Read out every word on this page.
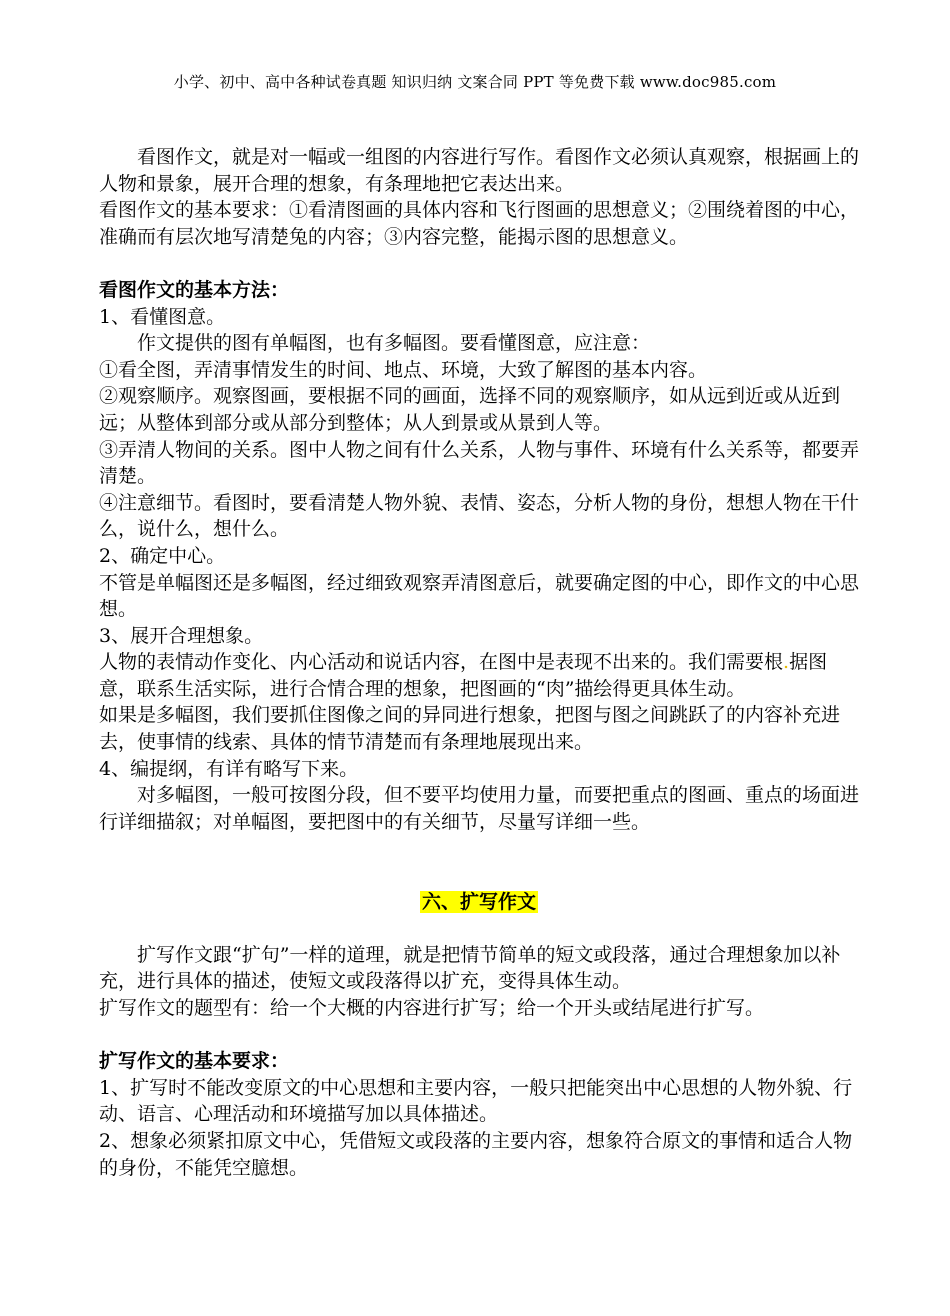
小学、初中、高中各种试卷真题 知识归纳 文案合同 PPT 等免费下载 www.doc985.com

看图作文，就是对一幅或一组图的内容进行写作。看图作文必须认真观察，根据画上的人物和景象，展开合理的想象，有条理地把它表达出来。

看图作文的基本要求：①看清图画的具体内容和飞行图画的思想意义；②围绕着图的中心，准确而有层次地写清楚兔的内容；③内容完整，能揭示图的思想意义。

看图作文的基本方法：

1、看懂图意。

作文提供的图有单幅图，也有多幅图。要看懂图意，应注意：

①看全图，弄清事情发生的时间、地点、环境，大致了解图的基本内容。

②观察顺序。观察图画，要根据不同的画面，选择不同的观察顺序，如从远到近或从近到远；从整体到部分或从部分到整体；从人到景或从景到人等。

③弄清人物间的关系。图中人物之间有什么关系，人物与事件、环境有什么关系等，都要弄清楚。

④注意细节。看图时，要看清楚人物外貌、表情、姿态，分析人物的身份，想想人物在干什么，说什么，想什么。

2、确定中心。

不管是单幅图还是多幅图，经过细致观察弄清图意后，就要确定图的中心，即作文的中心思想。

3、展开合理想象。

人物的表情动作变化、内心活动和说话内容，在图中是表现不出来的。我们需要根.据图意，联系生活实际，进行合情合理的想象，把图画的“肉”描绘得更具体生动。

如果是多幅图，我们要抓住图像之间的异同进行想象，把图与图之间跳跃了的内容补充进去，使事情的线索、具体的情节清楚而有条理地展现出来。

4、编提纲，有详有略写下来。

对多幅图，一般可按图分段，但不要平均使用力量，而要把重点的图画、重点的场面进行详细描叙；对单幅图，要把图中的有关细节，尽量写详细一些。

六、扩写作文

扩写作文跟“扩句”一样的道理，就是把情节简单的短文或段落，通过合理想象加以补充，进行具体的描述，使短文或段落得以扩充，变得具体生动。

扩写作文的题型有：给一个大概的内容进行扩写；给一个开头或结尾进行扩写。

扩写作文的基本要求：

1、扩写时不能改变原文的中心思想和主要内容，一般只把能突出中心思想的人物外貌、行动、语言、心理活动和环境描写加以具体描述。

2、想象必须紧扣原文中心，凭借短文或段落的主要内容，想象符合原文的事情和适合人物的身份，不能凭空臆想。
